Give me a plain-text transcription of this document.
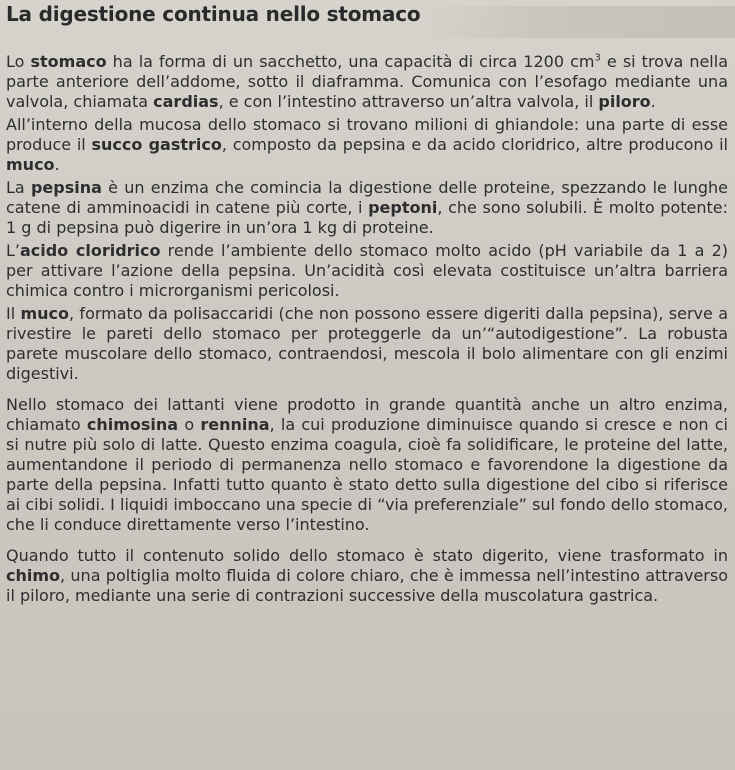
La digestione continua nello stomaco

Lo stomaco ha la forma di un sacchetto, una capacità di circa 1200 $cm^3$ e si trova nella parte anteriore dell’addome, sotto il diaframma. Comunica con l’esofago mediante una valvola, chiamata cardias, e con l’intestino attraverso un’altra valvola, il piloro.

All’interno della mucosa dello stomaco si trovano milioni di ghiandole: una parte di esse produce il succo gastrico, composto da pepsina e da acido cloridrico, altre producono il muco.

La pepsina è un enzima che comincia la digestione delle proteine, spezzando le lunghe catene di amminoacidi in catene più corte, i peptoni, che sono solubili. È molto potente: 1 g di pepsina può digerire in un’ora 1 kg di proteine.

L’acido cloridrico rende l’ambiente dello stomaco molto acido (pH variabile da 1 a 2) per attivare l’azione della pepsina. Un’acidità così elevata costituisce un’altra barriera chimica contro i microrganismi pericolosi.

Il muco, formato da polisaccaridi (che non possono essere digeriti dalla pepsina), serve a rivestire le pareti dello stomaco per proteggerle da un’“autodigestione”. La robusta parete muscolare dello stomaco, contraendosi, mescola il bolo alimentare con gli enzimi digestivi.

Nello stomaco dei lattanti viene prodotto in grande quantità anche un altro enzima, chiamato chimosina o rennina, la cui produzione diminuisce quando si cresce e non ci si nutre più solo di latte. Questo enzima coagula, cioè fa solidificare, le proteine del latte, aumentandone il periodo di permanenza nello stomaco e favorendone la digestione da parte della pepsina. Infatti tutto quanto è stato detto sulla digestione del cibo si riferisce ai cibi solidi. I liquidi imboccano una specie di “via preferenziale” sul fondo dello stomaco, che li conduce direttamente verso l’intestino.

Quando tutto il contenuto solido dello stomaco è stato digerito, viene trasformato in chimo, una poltiglia molto fluida di colore chiaro, che è immessa nell’intestino attraverso il piloro, mediante una serie di contrazioni successive della muscolatura gastrica.
